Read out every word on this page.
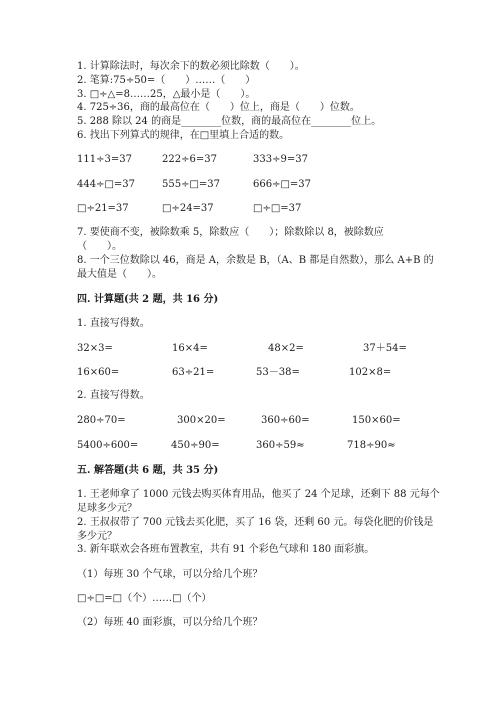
1. 计算除法时，每次余下的数必须比除数（　　）。
2. 笔算:75÷50=（　　）……（　　）
3. □÷△=8……25，△最小是（　　）。
4. 725÷36，商的最高位在（　　）位上，商是（　　）位数。
5. 288 除以 24 的商是________位数，商的最高位在________位上。
6. 找出下列算式的规律，在□里填上合适的数。
111÷3=37	222÷6=37	333÷9=37
444÷□=37	555÷□=37	666÷□=37
□÷21=37	□÷24=37	□÷□=37
7. 要使商不变，被除数乘 5，除数应（　　）；除数除以 8，被除数应
（　　）。
8. 一个三位数除以 46，商是 A，余数是 B，（A、B 都是自然数），那么 A+B 的
最大值是（　　）。
四. 计算题(共 2 题，共 16 分)
1. 直接写得数。
32×3=	16×4=	48×2=	37＋54=
16×60=	63÷21=	53－38=	102×8=
2. 直接写得数。
280÷70=	300×20=	360÷60=	150×60=
5400÷600=	450÷90=	360÷59≈	718÷90≈
五. 解答题(共 6 题，共 35 分)
1. 王老师拿了 1000 元钱去购买体育用品，他买了 24 个足球，还剩下 88 元每个
足球多少元？
2. 王叔叔带了 700 元钱去买化肥，买了 16 袋，还剩 60 元。每袋化肥的价钱是
多少元？
3. 新年联欢会各班布置教室，共有 91 个彩色气球和 180 面彩旗。
（1）每班 30 个气球，可以分给几个班？
□÷□=□（个）……□（个）
（2）每班 40 面彩旗，可以分给几个班？
